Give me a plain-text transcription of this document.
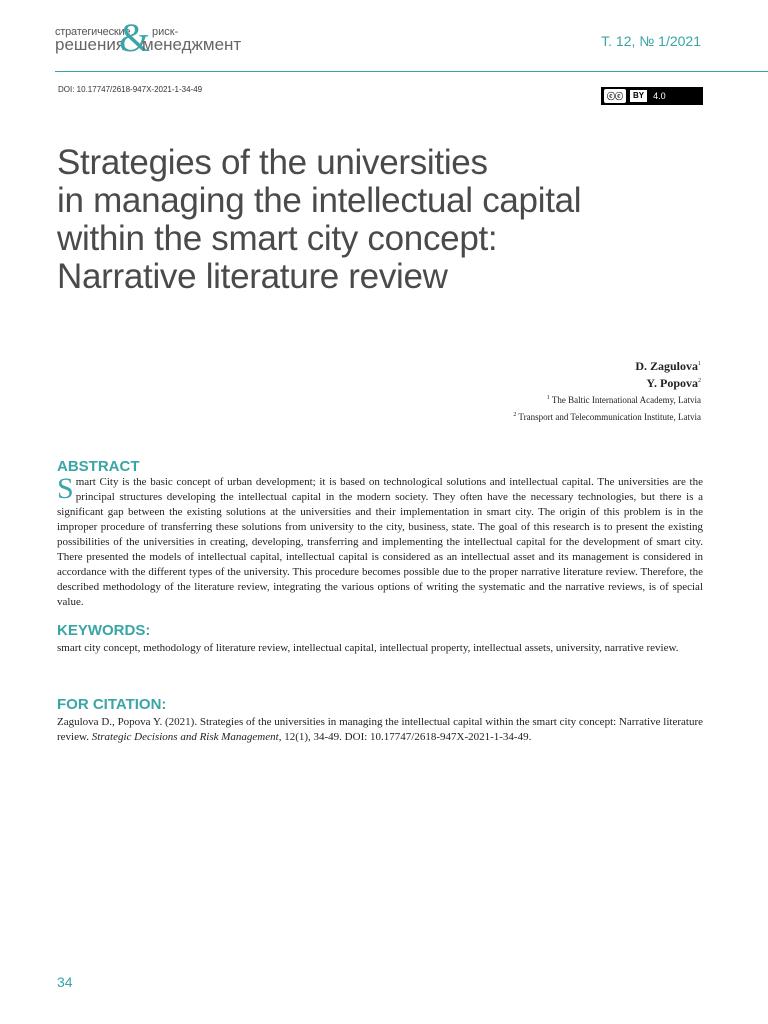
стратегические риск-
решения
&
менеджмент	Т. 12, № 1/2021
DOI: 10.17747/2618-947X-2021-1-34-49
ⓒⓒ	BY	4.0
Strategies of the universities
in managing the intellectual capital
within the smart city concept:
Narrative literature review
D. Zagulova$^1$
Y. Popova$^2$
$^1$ The Baltic International Academy, Latvia
$^2$ Transport and Telecommunication Institute, Latvia
ABSTRACT

Smart City is the basic concept of urban development; it is based on technological solutions and intellectual capital. The universities are the principal structures developing the intellectual capital in the modern society. They often have the necessary technologies, but there is a significant gap between the existing solutions at the universities and their implementation in smart city. The origin of this problem is in the improper procedure of transferring these solutions from university to the city, business, state. The goal of this research is to present the existing possibilities of the universities in creating, developing, transferring and implementing the intellectual capital for the development of smart city. There presented the models of intellectual capital, intellectual capital is considered as an intellectual asset and its management is considered in accordance with the different types of the university. This procedure becomes possible due to the proper narrative literature review. Therefore, the described methodology of the literature review, integrating the various options of writing the systematic and the narrative reviews, is of special value.

KEYWORDS:

smart city concept, methodology of literature review, intellectual capital, intellectual property, intellectual assets, university, narrative review.

FOR CITATION:

Zagulova D., Popova Y. (2021). Strategies of the universities in managing the intellectual capital within the smart city concept: Narrative literature review. Strategic Decisions and Risk Management, 12(1), 34-49. DOI: 10.17747/2618-947X-2021-1-34-49.

34
